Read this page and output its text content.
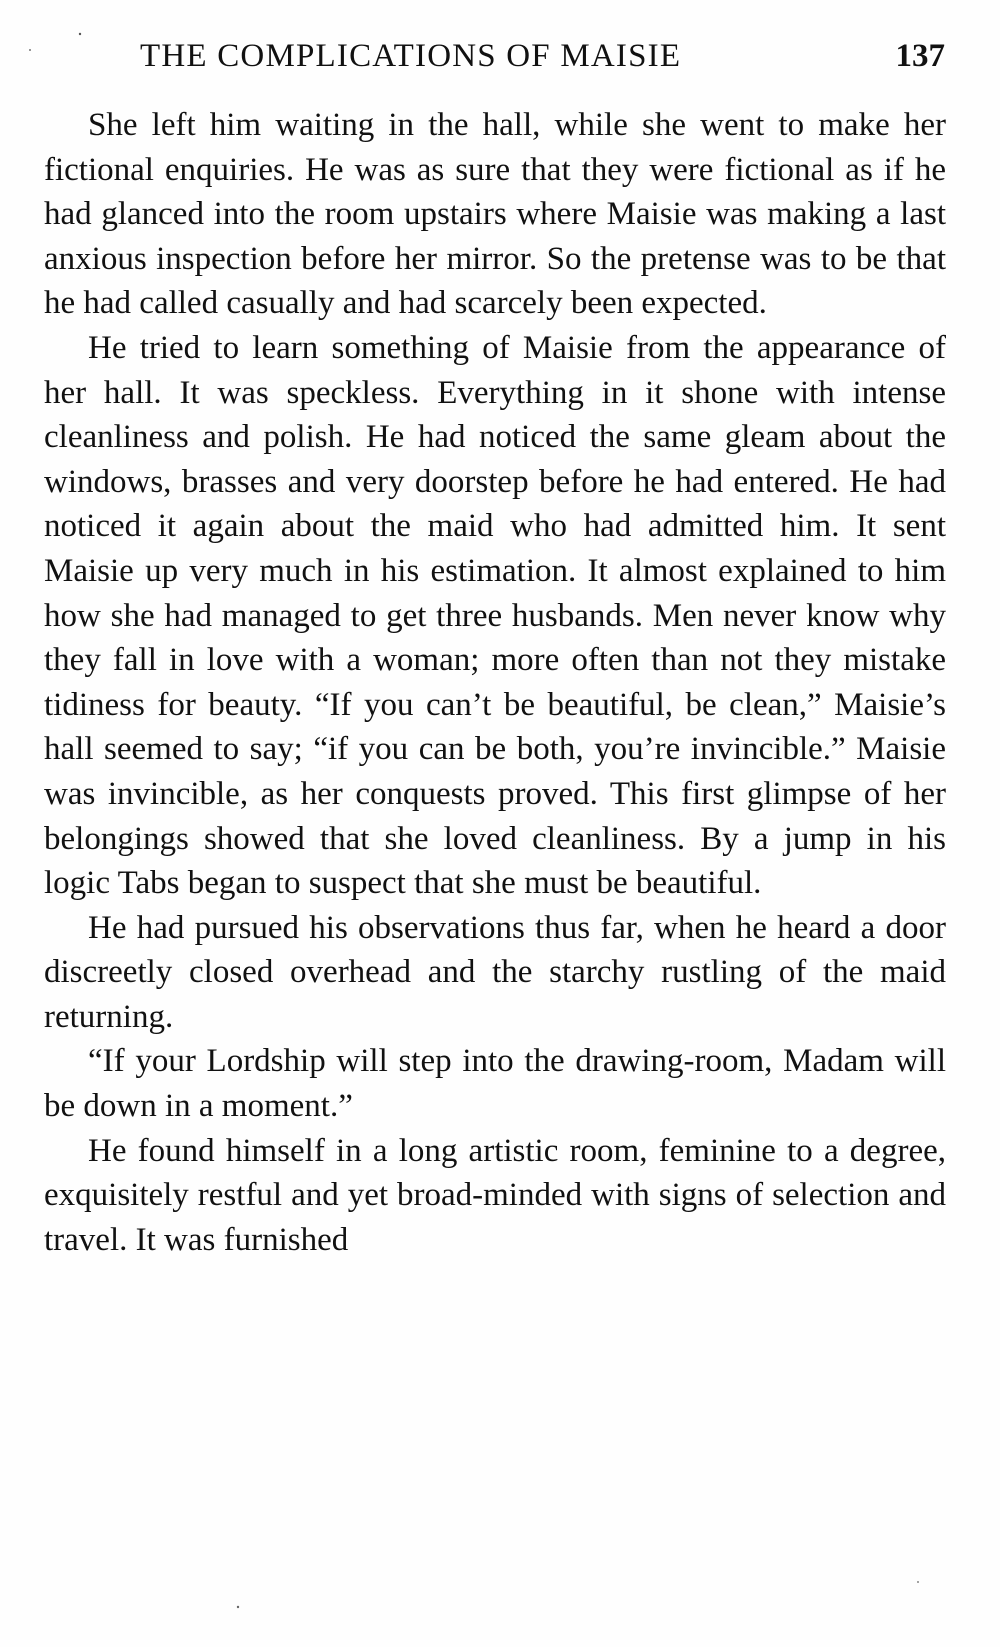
THE COMPLICATIONS OF MAISIE	137

She left him waiting in the hall, while she went to make her fictional enquiries. He was as sure that they were fictional as if he had glanced into the room upstairs where Maisie was making a last anxious inspection before her mirror. So the pretense was to be that he had called casually and had scarcely been expected.

He tried to learn something of Maisie from the appearance of her hall. It was speckless. Everything in it shone with intense cleanliness and polish. He had noticed the same gleam about the windows, brasses and very doorstep before he had entered. He had noticed it again about the maid who had admitted him. It sent Maisie up very much in his estimation. It almost explained to him how she had managed to get three husbands. Men never know why they fall in love with a woman; more often than not they mistake tidiness for beauty. “If you can’t be beautiful, be clean,” Maisie’s hall seemed to say; “if you can be both, you’re invincible.” Maisie was invincible, as her conquests proved. This first glimpse of her belongings showed that she loved cleanliness. By a jump in his logic Tabs began to suspect that she must be beautiful.

He had pursued his observations thus far, when he heard a door discreetly closed overhead and the starchy rustling of the maid returning.

“If your Lordship will step into the drawing-room, Madam will be down in a moment.”

He found himself in a long artistic room, feminine to a degree, exquisitely restful and yet broad-minded with signs of selection and travel. It was furnished
